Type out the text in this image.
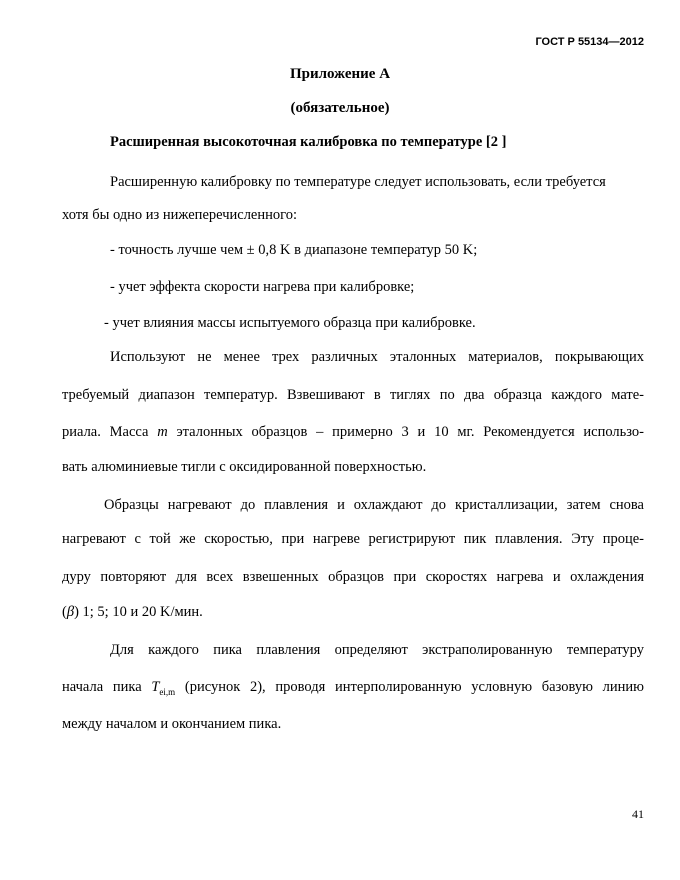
ГОСТ Р 55134—2012
Приложение А
(обязательное)
Расширенная высокоточная калибровка по температуре [2 ]
Расширенную калибровку по температуре следует использовать, если требуется
хотя бы одно из нижеперечисленного:
- точность лучше чем ± 0,8 K в диапазоне температур 50 K;
- учет эффекта скорости нагрева при калибровке;
- учет влияния массы испытуемого образца при калибровке.
Используют не менее трех различных эталонных материалов, покрывающих
требуемый диапазон температур. Взвешивают в тиглях по два образца каждого мате-
риала. Масса m эталонных образцов – примерно 3 и 10 мг. Рекомендуется использо-
вать алюминиевые тигли с оксидированной поверхностью.
Образцы нагревают до плавления и охлаждают до кристаллизации, затем снова
нагревают с той же скоростью, при нагреве регистрируют пик плавления. Эту проце-
дуру повторяют для всех взвешенных образцов при скоростях нагрева и охлаждения
(β) 1; 5; 10 и 20 K/мин.
Для каждого пика плавления определяют экстраполированную температуру
начала пика $T_{ei,m}$ (рисунок 2), проводя интерполированную условную базовую линию
между началом и окончанием пика.
41
